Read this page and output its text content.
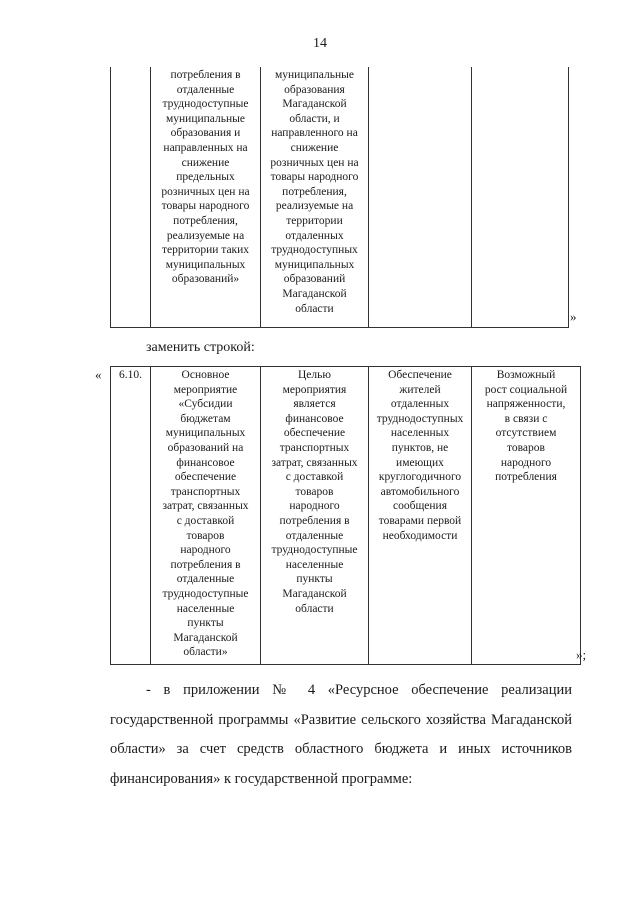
14
	потребления в
отдаленные
труднодоступные
муниципальные
образования и
направленных на
снижение
предельных
розничных цен на
товары народного
потребления,
реализуемые на
территории таких
муниципальных
образований»	муниципальные
образования
Магаданской
области, и
направленного на
снижение
розничных цен на
товары народного
потребления,
реализуемые на
территории
отдаленных
труднодоступных
муниципальных
образований
Магаданской
области		
»
заменить строкой:
« 6.10.	Основное
мероприятие
«Субсидии
бюджетам
муниципальных
образований на
финансовое
обеспечение
транспортных
затрат, связанных
с доставкой
товаров
народного
потребления в
отдаленные
труднодоступные
населенные
пункты
Магаданской
области»	Целью
мероприятия
является
финансовое
обеспечение
транспортных
затрат, связанных
с доставкой
товаров
народного
потребления в
отдаленные
труднодоступные
населенные
пункты
Магаданской
области	Обеспечение
жителей
отдаленных
труднодоступных
населенных
пунктов, не
имеющих
круглогодичного
автомобильного
сообщения
товарами первой
необходимости	Возможный
рост социальной
напряженности,
в связи с
отсутствием
товаров
народного
потребления
»;
- в приложении № 4 «Ресурсное обеспечение реализации
государственной программы «Развитие сельского хозяйства Магаданской
области» за счет средств областного бюджета и иных источников
финансирования» к государственной программе:
